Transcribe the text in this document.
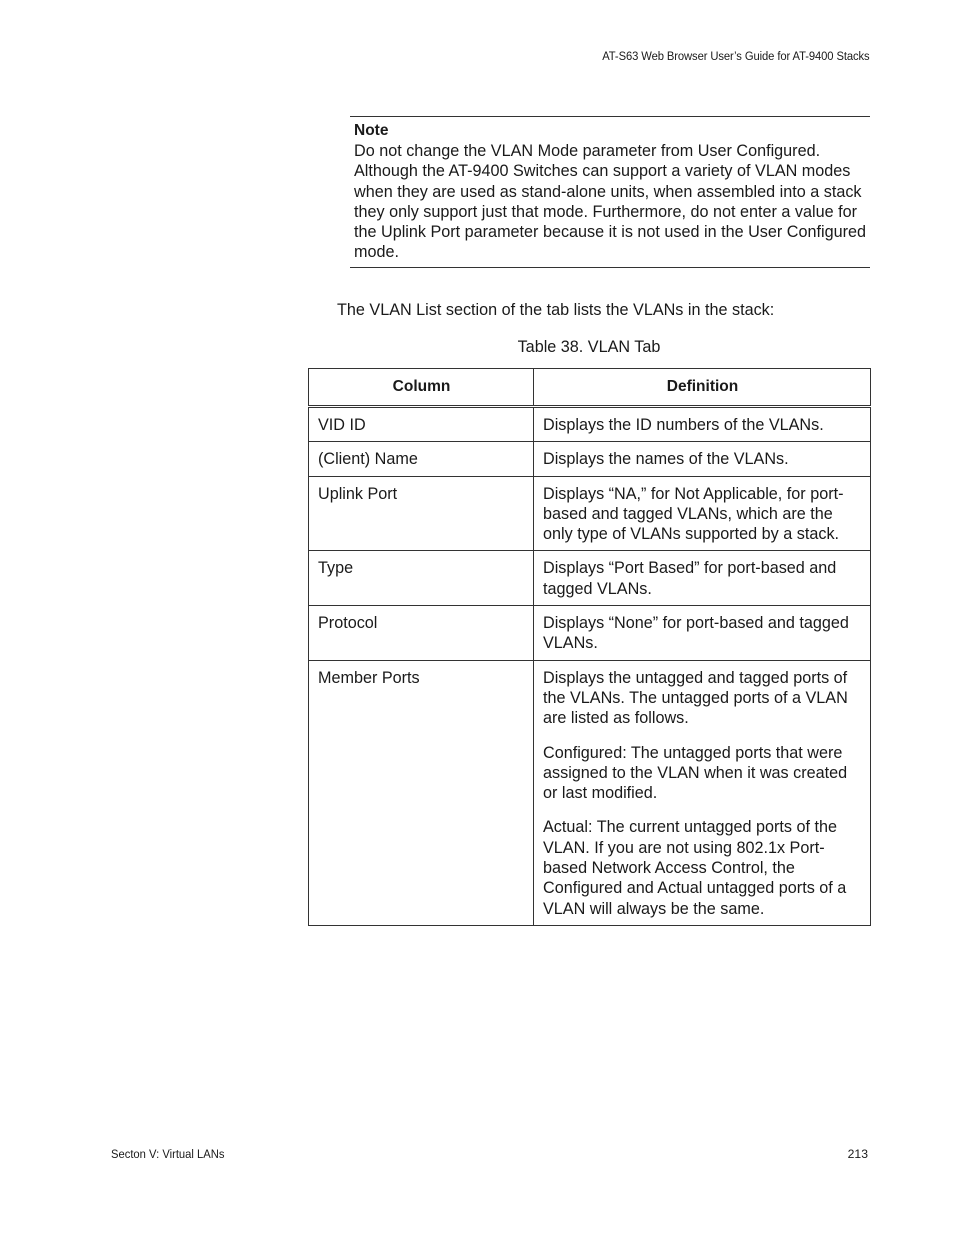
AT-S63 Web Browser User’s Guide for AT-9400 Stacks
Note
Do not change the VLAN Mode parameter from User Configured. Although the AT-9400 Switches can support a variety of VLAN modes when they are used as stand-alone units, when assembled into a stack they only support just that mode. Furthermore, do not enter a value for the Uplink Port parameter because it is not used in the User Configured mode.
The VLAN List section of the tab lists the VLANs in the stack:
Table 38. VLAN Tab
Column	Definition
VID ID	Displays the ID numbers of the VLANs.

(Client) Name	Displays the names of the VLANs.

Uplink Port	Displays “NA,” for Not Applicable, for port-based and tagged VLANs, which are the only type of VLANs supported by a stack.

Type	Displays “Port Based” for port-based and tagged VLANs.

Protocol	Displays “None” for port-based and tagged VLANs.

Member Ports	Displays the untagged and tagged ports of the VLANs. The untagged ports of a VLAN are listed as follows.

Configured: The untagged ports that were assigned to the VLAN when it was created or last modified.

Actual: The current untagged ports of the VLAN. If you are not using 802.1x Port-based Network Access Control, the Configured and Actual untagged ports of a VLAN will always be the same.

Secton V: Virtual LANs	213
